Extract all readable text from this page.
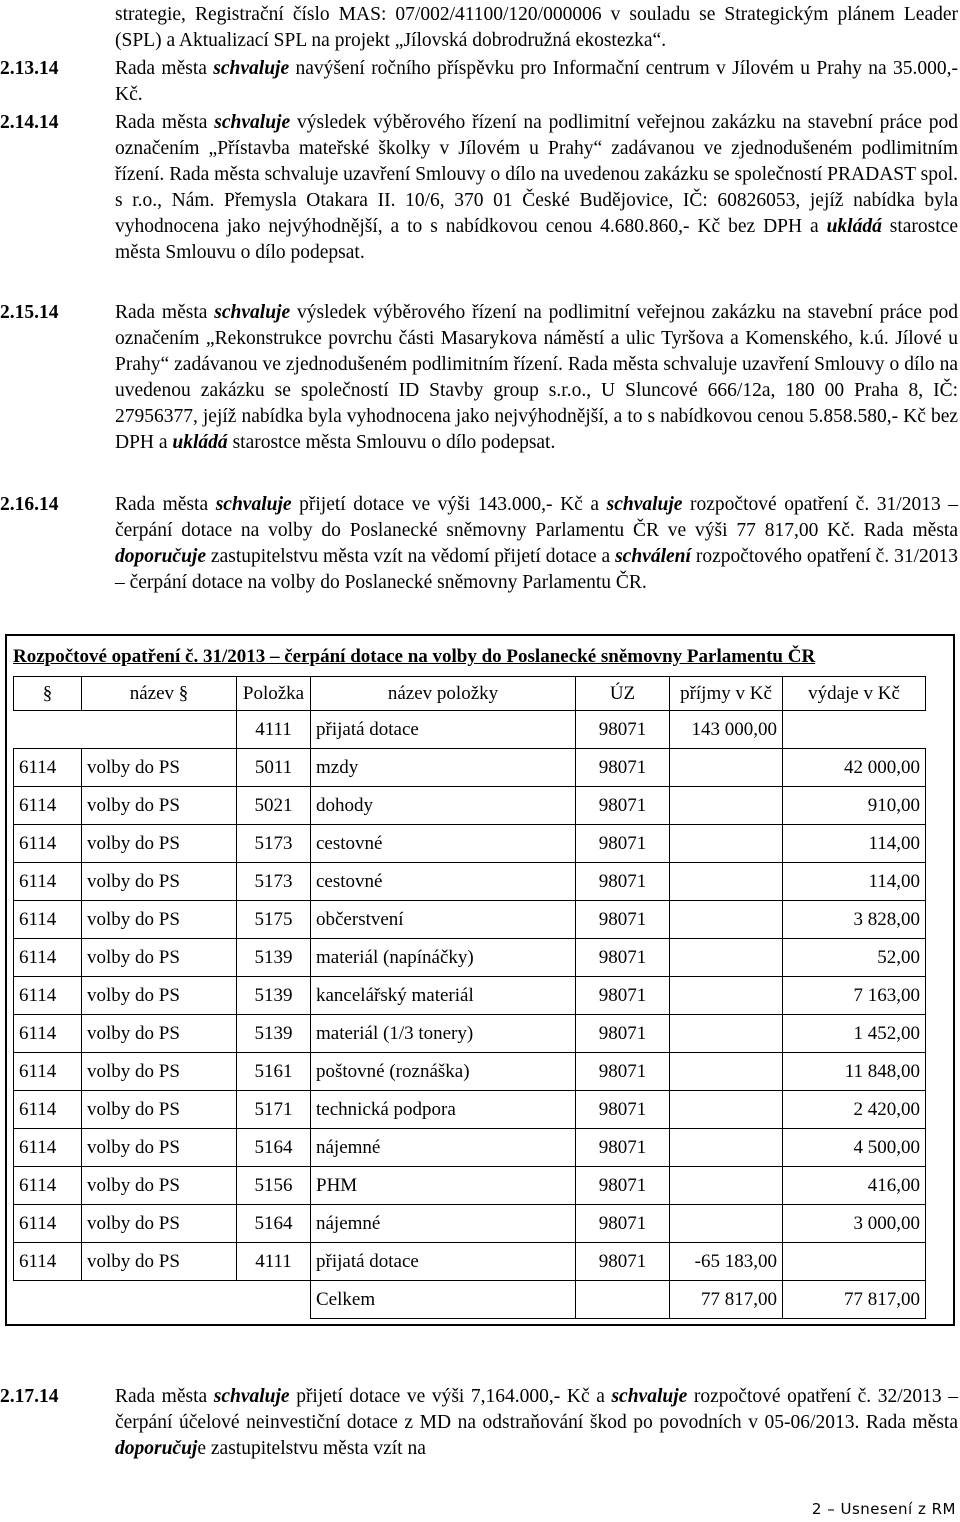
strategie, Registrační číslo MAS: 07/002/41100/120/000006 v souladu se Strategickým plánem Leader (SPL) a Aktualizací SPL na projekt „Jílovská dobrodružná ekostezka“.
2.13.14	Rada města schvaluje navýšení ročního příspěvku pro Informační centrum v Jílovém u Prahy na 35.000,-Kč.
2.14.14	Rada města schvaluje výsledek výběrového řízení na podlimitní veřejnou zakázku na stavební práce pod označením „Přístavba mateřské školky v Jílovém u Prahy“ zadávanou ve zjednodušeném podlimitním řízení. Rada města schvaluje uzavření Smlouvy o dílo na uvedenou zakázku se společností PRADAST spol. s r.o., Nám. Přemysla Otakara II. 10/6, 370 01 České Budějovice, IČ: 60826053, jejíž nabídka byla vyhodnocena jako nejvýhodnější, a to s nabídkovou cenou 4.680.860,- Kč bez DPH a ukládá starostce města Smlouvu o dílo podepsat.
2.15.14	Rada města schvaluje výsledek výběrového řízení na podlimitní veřejnou zakázku na stavební práce pod označením „Rekonstrukce povrchu části Masarykova náměstí a ulic Tyršova a Komenského, k.ú. Jílové u Prahy“ zadávanou ve zjednodušeném podlimitním řízení. Rada města schvaluje uzavření Smlouvy o dílo na uvedenou zakázku se společností ID Stavby group s.r.o., U Sluncové 666/12a, 180 00 Praha 8, IČ: 27956377, jejíž nabídka byla vyhodnocena jako nejvýhodnější, a to s nabídkovou cenou 5.858.580,- Kč bez DPH a ukládá starostce města Smlouvu o dílo podepsat.
2.16.14	Rada města schvaluje přijetí dotace ve výši 143.000,- Kč a schvaluje rozpočtové opatření č. 31/2013 – čerpání dotace na volby do Poslanecké sněmovny Parlamentu ČR ve výši 77 817,00 Kč. Rada města doporučuje zastupitelstvu města vzít na vědomí přijetí dotace a schválení rozpočtového opatření č. 31/2013 – čerpání dotace na volby do Poslanecké sněmovny Parlamentu ČR.
Rozpočtové opatření č. 31/2013 – čerpání dotace na volby do Poslanecké sněmovny Parlamentu ČR
§	název §	Položka	název položky	ÚZ	příjmy v Kč	výdaje v Kč
		4111	přijatá dotace	98071	143 000,00	
6114	volby do PS	5011	mzdy	98071		42 000,00
6114	volby do PS	5021	dohody	98071		910,00
6114	volby do PS	5173	cestovné	98071		114,00
6114	volby do PS	5173	cestovné	98071		114,00
6114	volby do PS	5175	občerstvení	98071		3 828,00
6114	volby do PS	5139	materiál (napínáčky)	98071		52,00
6114	volby do PS	5139	kancelářský materiál	98071		7 163,00
6114	volby do PS	5139	materiál (1/3 tonery)	98071		1 452,00
6114	volby do PS	5161	poštovné (roznáška)	98071		11 848,00
6114	volby do PS	5171	technická podpora	98071		2 420,00
6114	volby do PS	5164	nájemné	98071		4 500,00
6114	volby do PS	5156	PHM	98071		416,00
6114	volby do PS	5164	nájemné	98071		3 000,00
6114	volby do PS	4111	přijatá dotace	98071	-65 183,00	
			Celkem		77 817,00	77 817,00
2.17.14	Rada města schvaluje přijetí dotace ve výši 7,164.000,- Kč a schvaluje rozpočtové opatření č. 32/2013 – čerpání účelové neinvestiční dotace z MD na odstraňování škod po povodních v 05-06/2013. Rada města doporučuje zastupitelstvu města vzít na
2 – Usnesení z RM
